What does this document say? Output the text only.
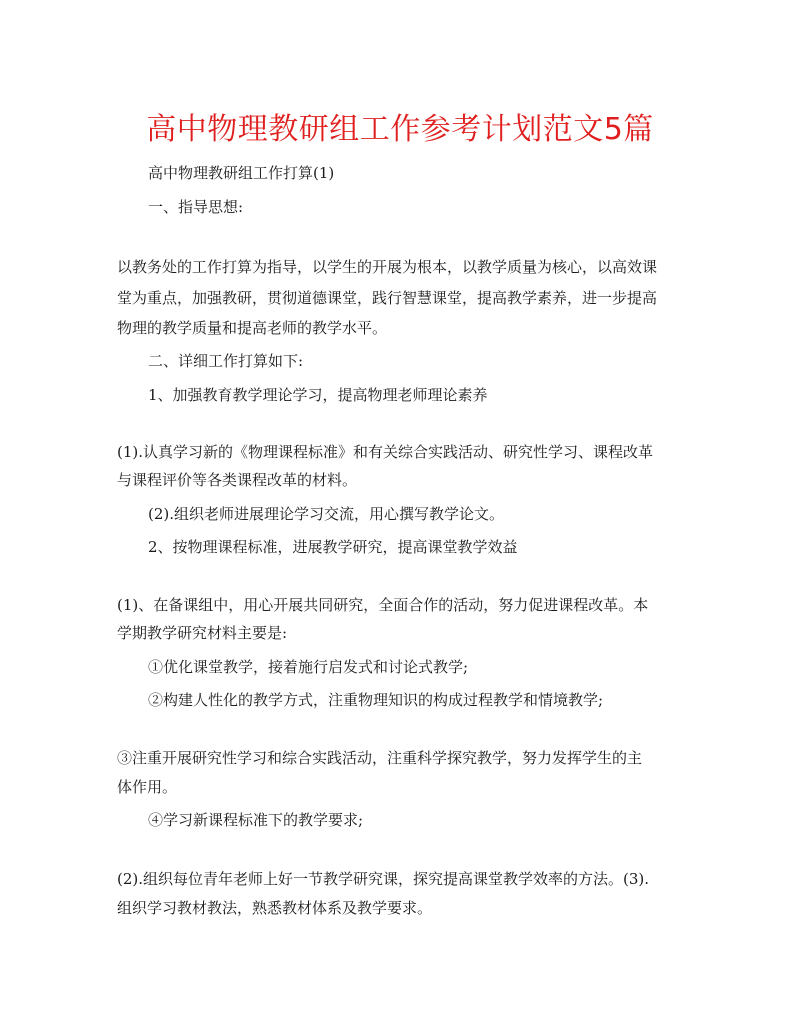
高中物理教研组工作参考计划范文5篇

高中物理教研组工作打算(1)

一、指导思想:

以教务处的工作打算为指导，以学生的开展为根本，以教学质量为核心，以高效课

堂为重点，加强教研，贯彻道德课堂，践行智慧课堂，提高教学素养，进一步提高

物理的教学质量和提高老师的教学水平。

二、详细工作打算如下:

1、加强教育教学理论学习，提高物理老师理论素养

(1).认真学习新的《物理课程标准》和有关综合实践活动、研究性学习、课程改革

与课程评价等各类课程改革的材料。

(2).组织老师进展理论学习交流，用心撰写教学论文。

2、按物理课程标准，进展教学研究，提高课堂教学效益

(1)、在备课组中，用心开展共同研究，全面合作的活动，努力促进课程改革。本

学期教学研究材料主要是:

①优化课堂教学，接着施行启发式和讨论式教学;

②构建人性化的教学方式，注重物理知识的构成过程教学和情境教学;

③注重开展研究性学习和综合实践活动，注重科学探究教学，努力发挥学生的主

体作用。

④学习新课程标准下的教学要求;

(2).组织每位青年老师上好一节教学研究课，探究提高课堂教学效率的方法。(3).

组织学习教材教法，熟悉教材体系及教学要求。
